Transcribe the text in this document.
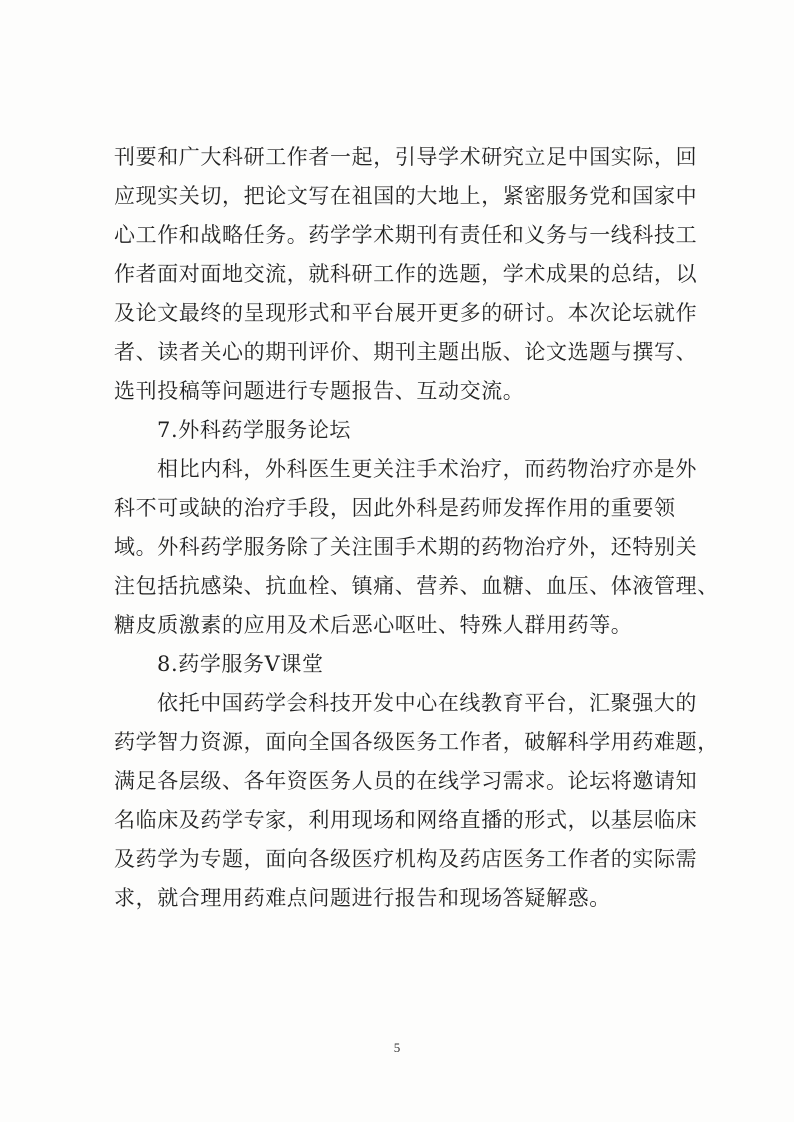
刊要和广大科研工作者一起，引导学术研究立足中国实际，回
应现实关切，把论文写在祖国的大地上，紧密服务党和国家中
心工作和战略任务。药学学术期刊有责任和义务与一线科技工
作者面对面地交流，就科研工作的选题，学术成果的总结，以
及论文最终的呈现形式和平台展开更多的研讨。本次论坛就作
者、读者关心的期刊评价、期刊主题出版、论文选题与撰写、
选刊投稿等问题进行专题报告、互动交流。
7.外科药学服务论坛
相比内科，外科医生更关注手术治疗，而药物治疗亦是外
科不可或缺的治疗手段，因此外科是药师发挥作用的重要领
域。外科药学服务除了关注围手术期的药物治疗外，还特别关
注包括抗感染、抗血栓、镇痛、营养、血糖、血压、体液管理、
糖皮质激素的应用及术后恶心呕吐、特殊人群用药等。
8.药学服务V课堂
依托中国药学会科技开发中心在线教育平台，汇聚强大的
药学智力资源，面向全国各级医务工作者，破解科学用药难题，
满足各层级、各年资医务人员的在线学习需求。论坛将邀请知
名临床及药学专家，利用现场和网络直播的形式，以基层临床
及药学为专题，面向各级医疗机构及药店医务工作者的实际需
求，就合理用药难点问题进行报告和现场答疑解惑。
5
